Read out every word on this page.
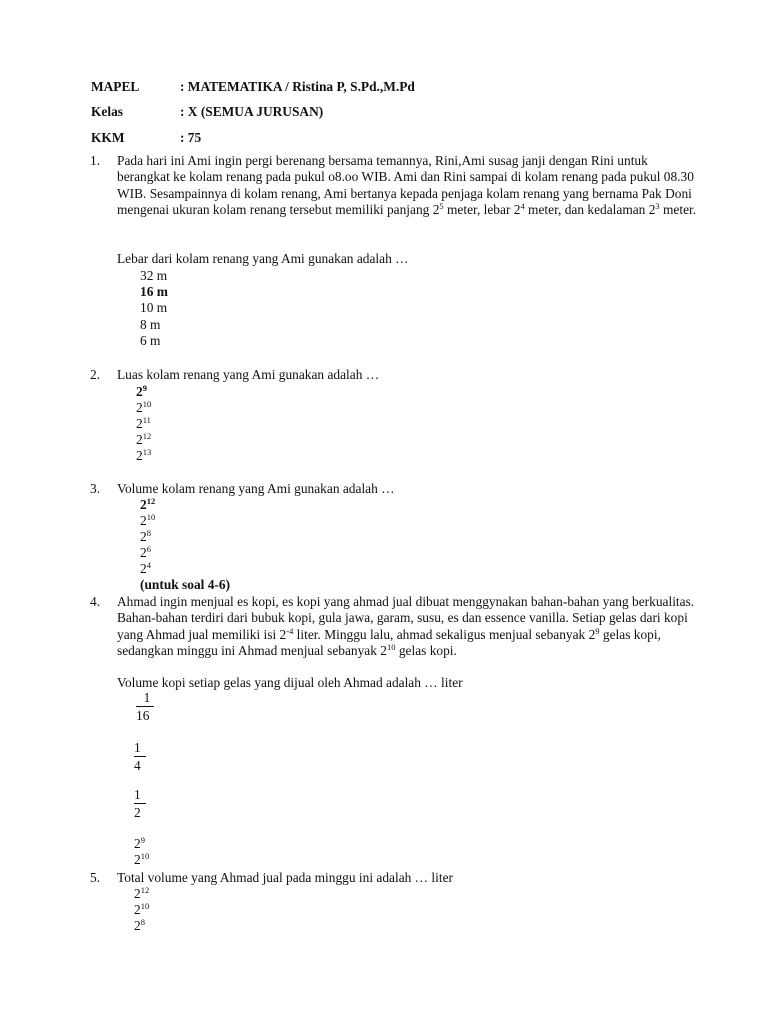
MAPEL	: MATEMATIKA / Ristina P, S.Pd.,M.Pd
Kelas	: X (SEMUA JURUSAN)
KKM	: 75
1. Pada hari ini Ami ingin pergi berenang bersama temannya, Rini,Ami susag janji dengan Rini untuk berangkat ke kolam renang pada pukul o8.oo WIB. Ami dan Rini sampai di kolam renang pada pukul 08.30 WIB. Sesampainnya di kolam renang, Ami bertanya kepada penjaga kolam renang yang bernama Pak Doni mengenai ukuran kolam renang tersebut memiliki panjang $2^5$ meter, lebar $2^4$ meter, dan kedalaman $2^3$ meter.
Lebar dari kolam renang yang Ami gunakan adalah …
32 m
16 m
10 m
8 m
6 m
2. Luas kolam renang yang Ami gunakan adalah …
$2^9$
$2^{10}$
$2^{11}$
$2^{12}$
$2^{13}$
3. Volume kolam renang yang Ami gunakan adalah …
$2^{12}$
$2^{10}$
$2^8$
$2^6$
$2^4$
(untuk soal 4-6)
4. Ahmad ingin menjual es kopi, es kopi yang ahmad jual dibuat menggynakan bahan-bahan yang berkualitas. Bahan-bahan terdiri dari bubuk kopi, gula jawa, garam, susu, es dan essence vanilla. Setiap gelas dari kopi yang Ahmad jual memiliki isi $2^{-4}$ liter. Minggu lalu, ahmad sekaligus menjual sebanyak $2^9$ gelas kopi, sedangkan minggu ini Ahmad menjual sebanyak $2^{10}$ gelas kopi.
Volume kopi setiap gelas yang dijual oleh Ahmad adalah … liter
1
16
1
4
1
2
$2^9$
$2^{10}$
5. Total volume yang Ahmad jual pada minggu ini adalah … liter
$2^{12}$
$2^{10}$
$2^8$
